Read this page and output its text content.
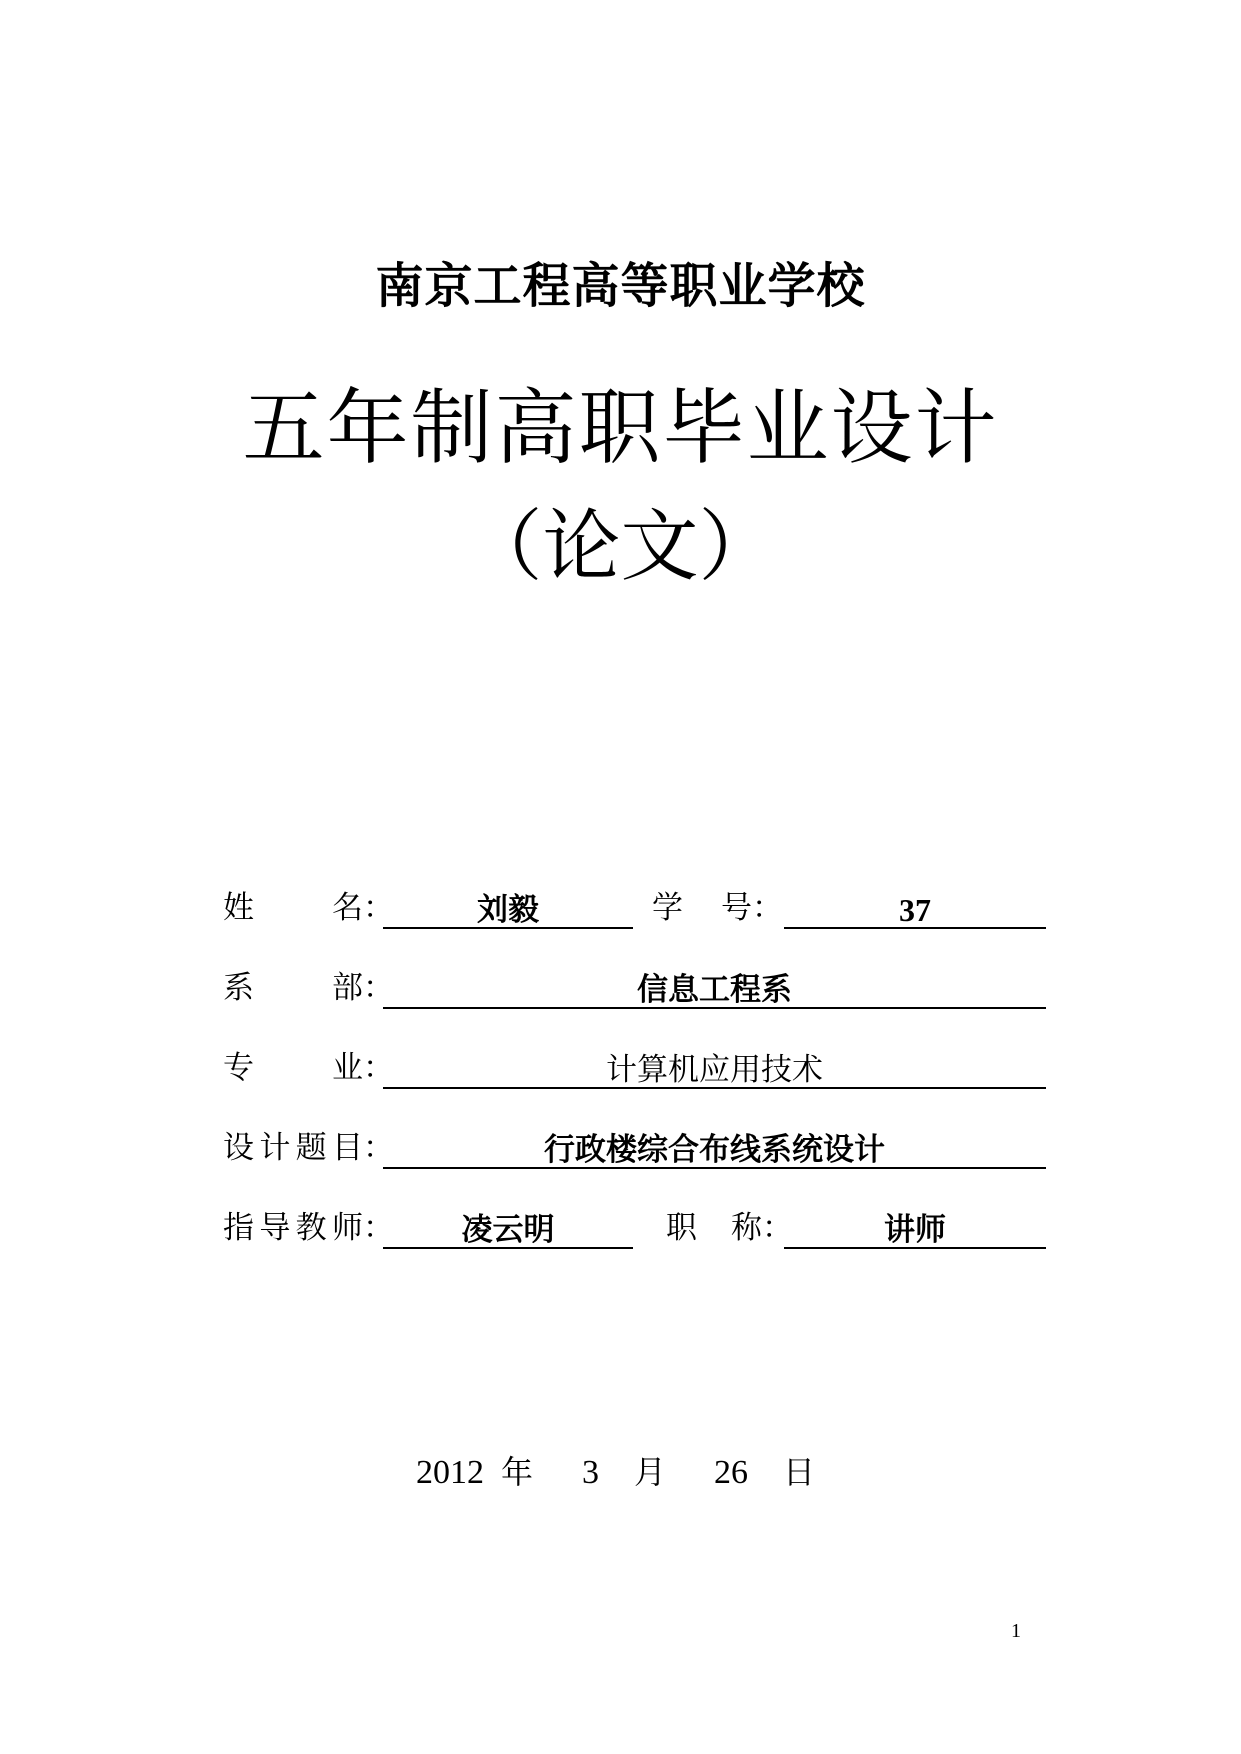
南京工程高等职业学校
五年制高职毕业设计
（论文）
姓名：	刘毅	学号：	37
系部：	信息工程系
专业：	计算机应用技术
设计题目：	行政楼综合布线系统设计
指导教师：	凌云明	职称：	讲师
2012 年 3 月 26 日
1
